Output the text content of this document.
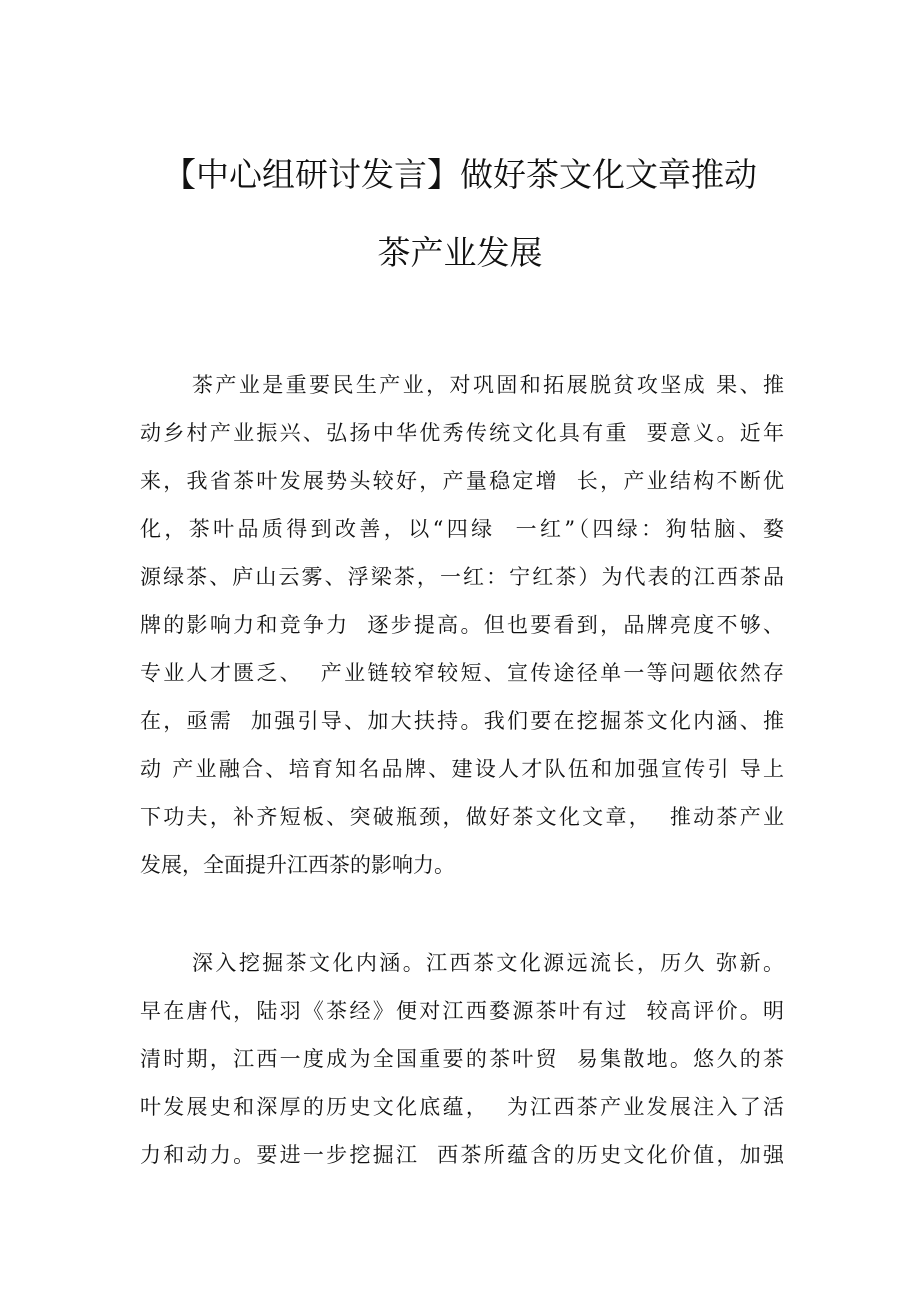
【中心组研讨发言】做好茶文化文章推动
茶产业发展
茶产业是重要民生产业，对巩固和拓展脱贫攻坚成 果、推
动乡村产业振兴、弘扬中华优秀传统文化具有重  要意义。近年
来，我省茶叶发展势头较好，产量稳定增  长，产业结构不断优
化，茶叶品质得到改善，以“四绿  一红”（四绿：狗牯脑、婺
源绿茶、庐山云雾、浮梁茶，一红：宁红茶）为代表的江西茶品
牌的影响力和竞争力  逐步提高。但也要看到，品牌亮度不够、
专业人才匮乏、  产业链较窄较短、宣传途径单一等问题依然存
在，亟需  加强引导、加大扶持。我们要在挖掘茶文化内涵、推
动 产业融合、培育知名品牌、建设人才队伍和加强宣传引 导上
下功夫，补齐短板、突破瓶颈，做好茶文化文章，  推动茶产业
发展，全面提升江西茶的影响力。
深入挖掘茶文化内涵。江西茶文化源远流长，历久 弥新。
早在唐代，陆羽《茶经》便对江西婺源茶叶有过  较高评价。明
清时期，江西一度成为全国重要的茶叶贸  易集散地。悠久的茶
叶发展史和深厚的历史文化底蕴，  为江西茶产业发展注入了活
力和动力。要进一步挖掘江  西茶所蕴含的历史文化价值，加强
